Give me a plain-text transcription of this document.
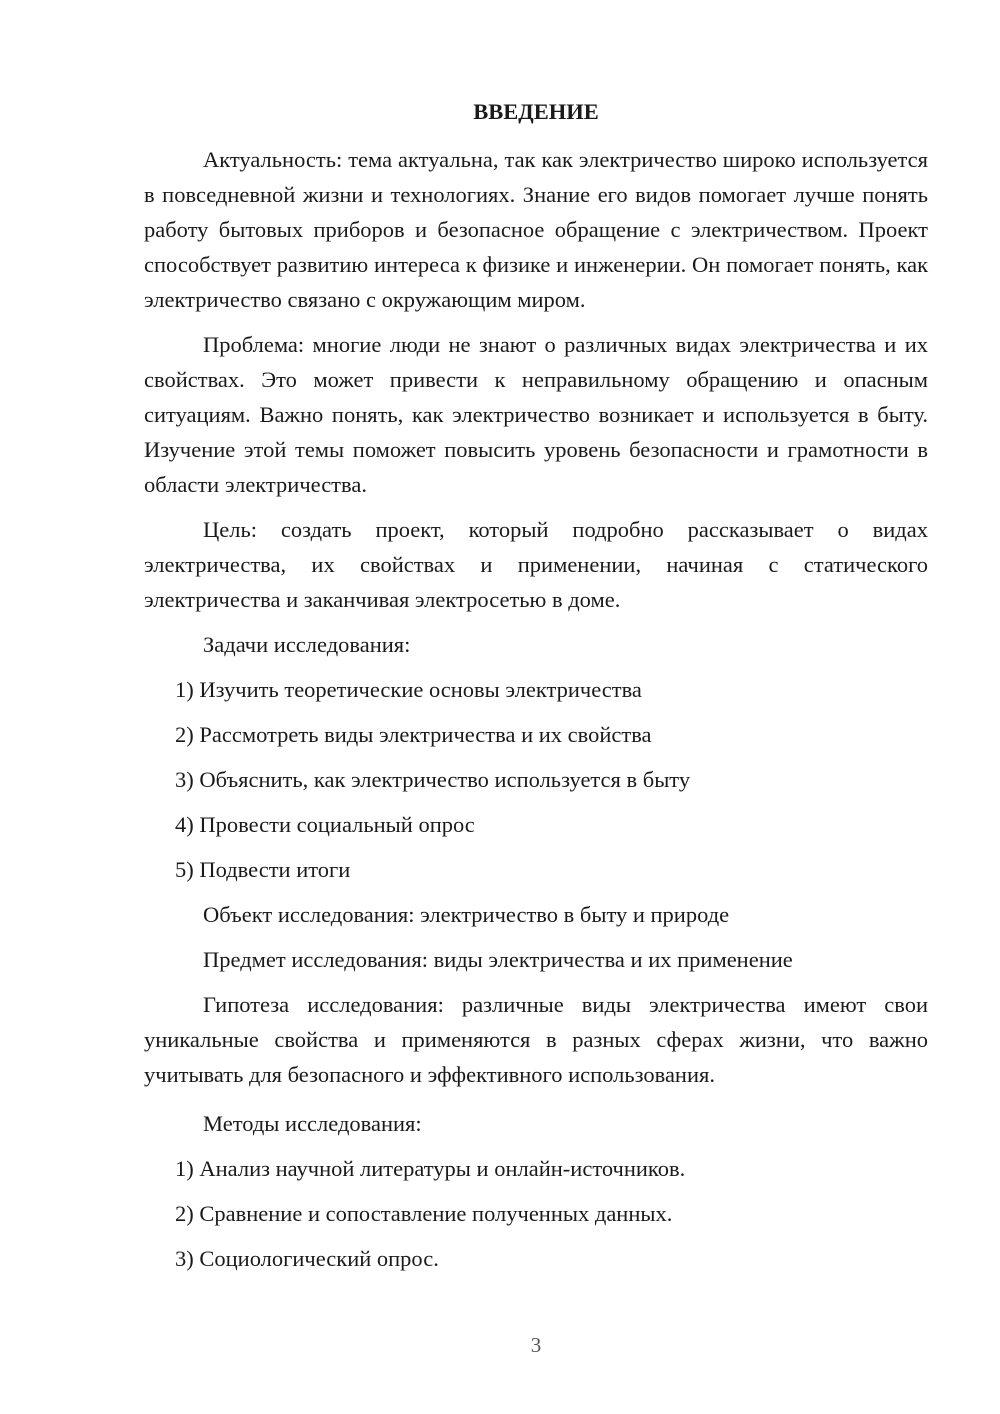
ВВЕДЕНИЕ

Актуальность: тема актуальна, так как электричество широко используется в повседневной жизни и технологиях. Знание его видов помогает лучше понять работу бытовых приборов и безопасное обращение с электричеством. Проект способствует развитию интереса к физике и инженерии. Он помогает понять, как электричество связано с окружающим миром.

Проблема: многие люди не знают о различных видах электричества и их свойствах. Это может привести к неправильному обращению и опасным ситуациям. Важно понять, как электричество возникает и используется в быту. Изучение этой темы поможет повысить уровень безопасности и грамотности в области электричества.

Цель: создать проект, который подробно рассказывает о видах электричества, их свойствах и применении, начиная с статического электричества и заканчивая электросетью в доме.

Задачи исследования:
1) Изучить теоретические основы электричества
2) Рассмотреть виды электричества и их свойства
3) Объяснить, как электричество используется в быту
4) Провести социальный опрос
5) Подвести итоги
Объект исследования: электричество в быту и природе
Предмет исследования: виды электричества и их применение

Гипотеза исследования: различные виды электричества имеют свои уникальные свойства и применяются в разных сферах жизни, что важно учитывать для безопасного и эффективного использования.

Методы исследования:
1) Анализ научной литературы и онлайн-источников.
2) Сравнение и сопоставление полученных данных.
3) Социологический опрос.
3
